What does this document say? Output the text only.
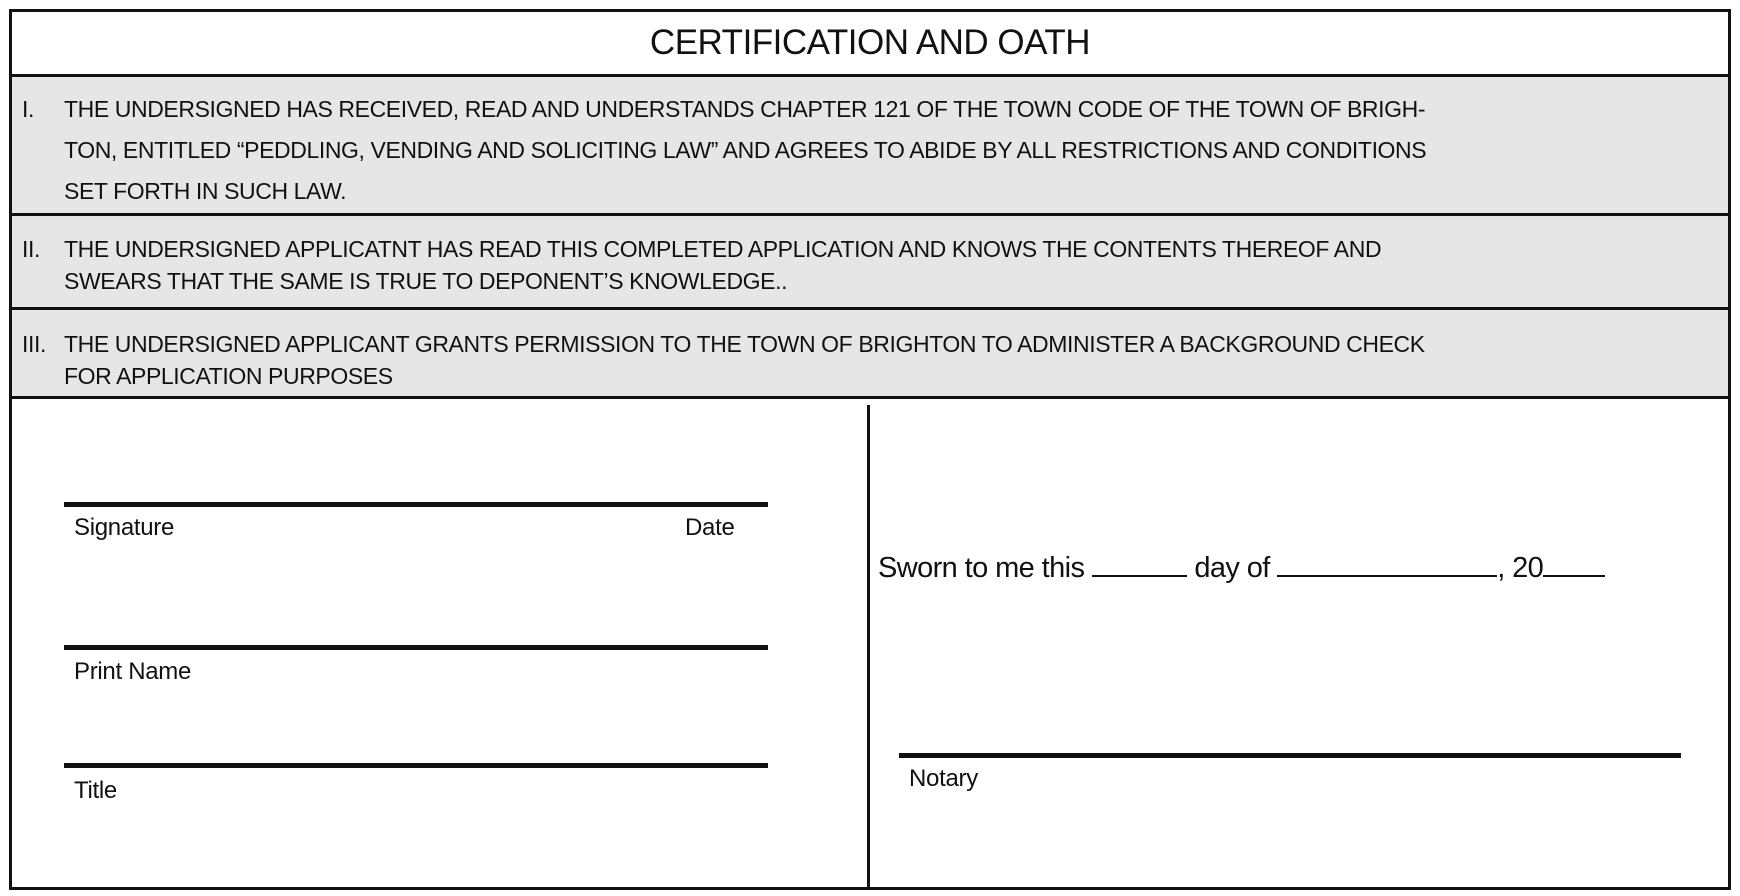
CERTIFICATION AND OATH
I. THE UNDERSIGNED HAS RECEIVED, READ AND UNDERSTANDS CHAPTER 121 OF THE TOWN CODE OF THE TOWN OF BRIGH-
TON, ENTITLED “PEDDLING, VENDING AND SOLICITING LAW” AND AGREES TO ABIDE BY ALL RESTRICTIONS AND CONDITIONS
SET FORTH IN SUCH LAW.
II. THE UNDERSIGNED APPLICATNT HAS READ THIS COMPLETED APPLICATION AND KNOWS THE CONTENTS THEREOF AND
SWEARS THAT THE SAME IS TRUE TO DEPONENT’S KNOWLEDGE..
III. THE UNDERSIGNED APPLICANT GRANTS PERMISSION TO THE TOWN OF BRIGHTON TO ADMINISTER A BACKGROUND CHECK
FOR APPLICATION PURPOSES
Signature	Date
Print Name
Title
Sworn to me this	day of	, 20
Notary
